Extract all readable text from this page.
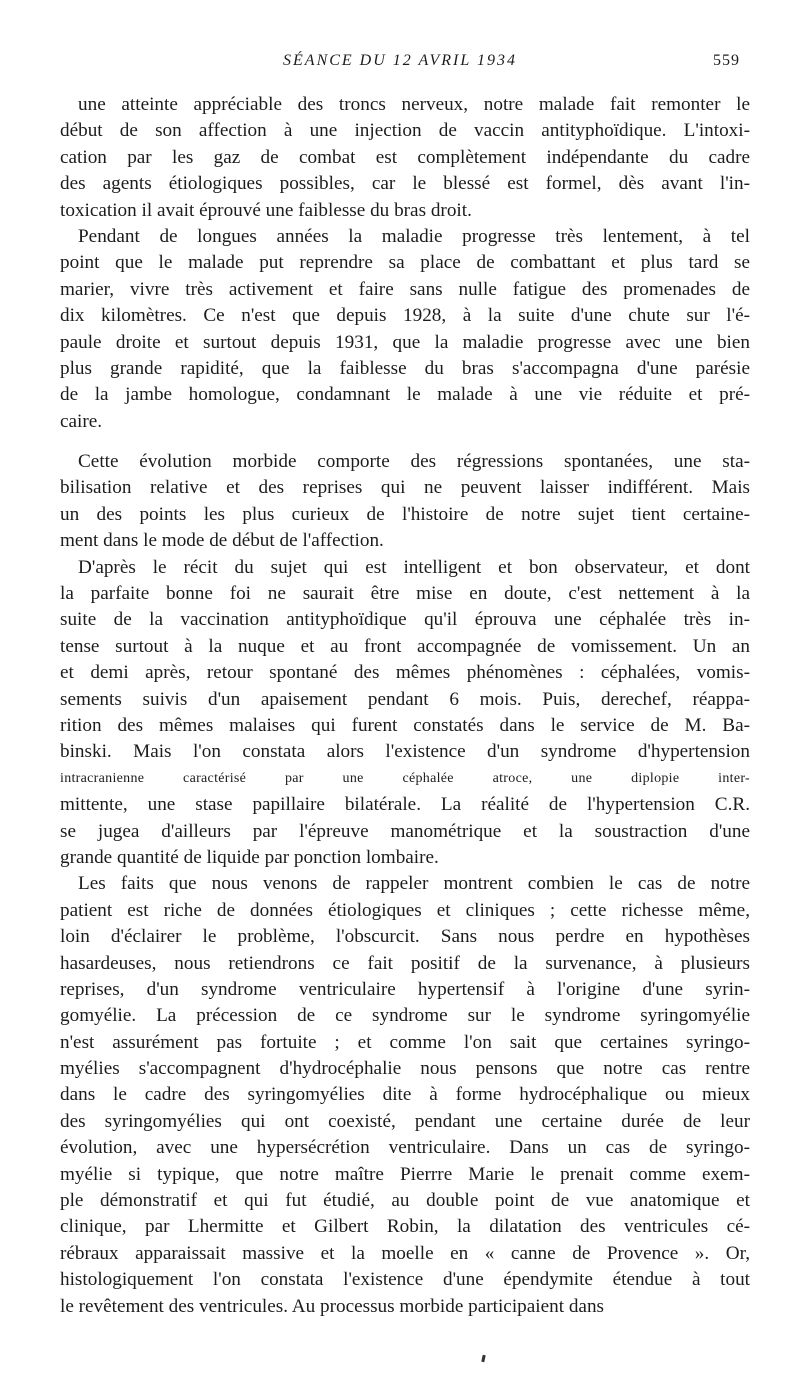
SÉANCE DU 12 AVRIL 1934	559
une atteinte appréciable des troncs nerveux, notre malade fait remonter le
début de son affection à une injection de vaccin antityphoïdique. L'intoxi-
cation par les gaz de combat est complètement indépendante du cadre
des agents étiologiques possibles, car le blessé est formel, dès avant l'in-
toxication il avait éprouvé une faiblesse du bras droit.
Pendant de longues années la maladie progresse très lentement, à tel
point que le malade put reprendre sa place de combattant et plus tard se
marier, vivre très activement et faire sans nulle fatigue des promenades de
dix kilomètres. Ce n'est que depuis 1928, à la suite d'une chute sur l'é-
paule droite et surtout depuis 1931, que la maladie progresse avec une bien
plus grande rapidité, que la faiblesse du bras s'accompagna d'une parésie
de la jambe homologue, condamnant le malade à une vie réduite et pré-
caire.
Cette évolution morbide comporte des régressions spontanées, une sta-
bilisation relative et des reprises qui ne peuvent laisser indifférent. Mais
un des points les plus curieux de l'histoire de notre sujet tient certaine-
ment dans le mode de début de l'affection.
D'après le récit du sujet qui est intelligent et bon observateur, et dont
la parfaite bonne foi ne saurait être mise en doute, c'est nettement à la
suite de la vaccination antityphoïdique qu'il éprouva une céphalée très in-
tense surtout à la nuque et au front accompagnée de vomissement. Un an
et demi après, retour spontané des mêmes phénomènes : céphalées, vomis-
sements suivis d'un apaisement pendant 6 mois. Puis, derechef, réappa-
rition des mêmes malaises qui furent constatés dans le service de M. Ba-
binski. Mais l'on constata alors l'existence d'un syndrome d'hypertension
intracranienne caractérisé par une céphalée atroce, une diplopie inter-
mittente, une stase papillaire bilatérale. La réalité de l'hypertension C.R.
se jugea d'ailleurs par l'épreuve manométrique et la soustraction d'une
grande quantité de liquide par ponction lombaire.
Les faits que nous venons de rappeler montrent combien le cas de notre
patient est riche de données étiologiques et cliniques ; cette richesse même,
loin d'éclairer le problème, l'obscurcit. Sans nous perdre en hypothèses
hasardeuses, nous retiendrons ce fait positif de la survenance, à plusieurs
reprises, d'un syndrome ventriculaire hypertensif à l'origine d'une syrin-
gomyélie. La précession de ce syndrome sur le syndrome syringomyélie
n'est assurément pas fortuite ; et comme l'on sait que certaines syringo-
myélies s'accompagnent d'hydrocéphalie nous pensons que notre cas rentre
dans le cadre des syringomyélies dite à forme hydrocéphalique ou mieux
des syringomyélies qui ont coexisté, pendant une certaine durée de leur
évolution, avec une hypersécrétion ventriculaire. Dans un cas de syringo-
myélie si typique, que notre maître Pierrre Marie le prenait comme exem-
ple démonstratif et qui fut étudié, au double point de vue anatomique et
clinique, par Lhermitte et Gilbert Robin, la dilatation des ventricules cé-
rébraux apparaissait massive et la moelle en « canne de Provence ». Or,
histologiquement l'on constata l'existence d'une épendymite étendue à tout
le revêtement des ventricules. Au processus morbide participaient dans
